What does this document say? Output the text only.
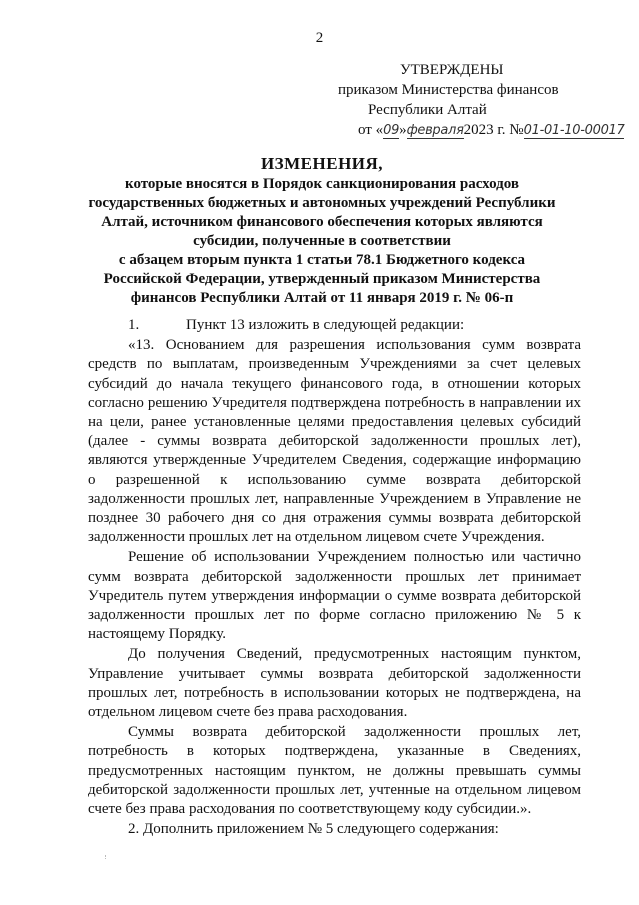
2
УТВЕРЖДЕНЫ
приказом Министерства финансов
Республики Алтай
от «09»февраля2023 г. №01-01-10-00017
ИЗМЕНЕНИЯ,
которые вносятся в Порядок санкционирования расходов
государственных бюджетных и автономных учреждений Республики
Алтай, источником финансового обеспечения которых являются
субсидии, полученные в соответствии
с абзацем вторым пункта 1 статьи 78.1 Бюджетного кодекса
Российской Федерации, утвержденный приказом Министерства
финансов Республики Алтай от 11 января 2019 г. № 06-п

1.	Пункт 13 изложить в следующей редакции:

«13. Основанием для разрешения использования сумм возврата средств по выплатам, произведенным Учреждениями за счет целевых субсидий до начала текущего финансового года, в отношении которых согласно решению Учредителя подтверждена потребность в направлении их на цели, ранее установленные целями предоставления целевых субсидий (далее - суммы возврата дебиторской задолженности прошлых лет), являются утвержденные Учредителем Сведения, содержащие информацию о разрешенной к использованию сумме возврата дебиторской задолженности прошлых лет, направленные Учреждением в Управление не позднее 30 рабочего дня со дня отражения суммы возврата дебиторской задолженности прошлых лет на отдельном лицевом счете Учреждения.

Решение об использовании Учреждением полностью или частично сумм возврата дебиторской задолженности прошлых лет принимает Учредитель путем утверждения информации о сумме возврата дебиторской задолженности прошлых лет по форме согласно приложению № 5 к настоящему Порядку.

До получения Сведений, предусмотренных настоящим пунктом, Управление учитывает суммы возврата дебиторской задолженности прошлых лет, потребность в использовании которых не подтверждена, на отдельном лицевом счете без права расходования.

Суммы возврата дебиторской задолженности прошлых лет, потребность в которых подтверждена, указанные в Сведениях, предусмотренных настоящим пунктом, не должны превышать суммы дебиторской задолженности прошлых лет, учтенные на отдельном лицевом счете без права расходования по соответствующему коду субсидии.».

2. Дополнить приложением № 5 следующего содержания:
